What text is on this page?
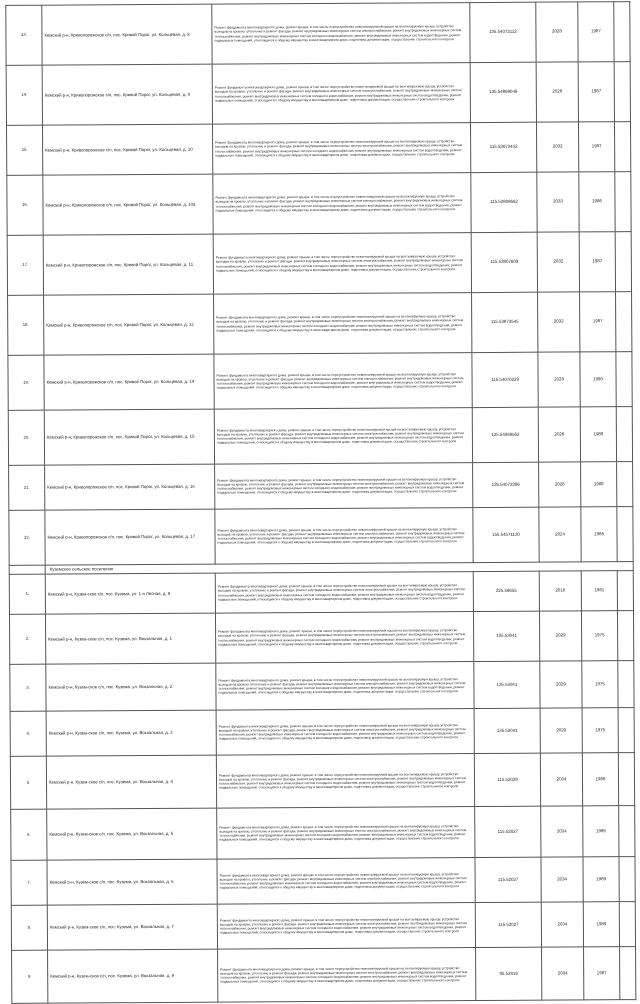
13.	Кемский р-н, Кривопорожское с/п, пос. Кривой Порог, ул. Кольцевая, д. 8	Ремонт фундамента многоквартирного дома, ремонт крыши, в том числе переустройство невентилируемой крыши на вентилируемую крышу, устройство выходов на кровлю, утепление и ремонт фасада, ремонт внутридомовых инженерных систем электроснабжения, ремонт внутридомовых инженерных систем теплоснабжения, ремонт внутридомовых инженерных систем холодного водоснабжения, ремонт внутридомовых инженерных систем водоотведения, ремонт подвальных помещений, относящихся к общему имуществу в многоквартирном доме, подготовка документации, осуществление строительного контроля	135.54072112	2028	1987	
14.	Кемский р-н, Кривопорожское с/п, пос. Кривой Порог, ул. Кольцевая, д. 9	Ремонт фундамента многоквартирного дома, ремонт крыши, в том числе переустройство невентилируемой крыши на вентилируемую крышу, устройство выходов на кровлю, утепление и ремонт фасада, ремонт внутридомовых инженерных систем электроснабжения, ремонт внутридомовых инженерных систем теплоснабжения, ремонт внутридомовых инженерных систем холодного водоснабжения, ремонт внутридомовых инженерных систем водоотведения, ремонт подвальных помещений, относящихся к общему имуществу в многоквартирном доме, подготовка документации, осуществление строительного контроля	135.54869046	2026	1987	
15.	Кемский р-н, Кривопорожское с/п, пос. Кривой Порог, ул. Кольцевая, д. 10	Ремонт фундамента многоквартирного дома, ремонт крыши, в том числе переустройство невентилируемой крыши на вентилируемую крышу, устройство выходов на кровлю, утепление и ремонт фасада, ремонт внутридомовых инженерных систем электроснабжения, ремонт внутридомовых инженерных систем теплоснабжения, ремонт внутридомовых инженерных систем холодного водоснабжения, ремонт внутридомовых инженерных систем водоотведения, ремонт подвальных помещений, относящихся к общему имуществу в многоквартирном доме, подготовка документации, осуществление строительного контроля	115.53073402	2032	1987	
16.	Кемский р-н, Кривопорожское с/п, пос. Кривой Порог, ул. Кольцевая, д. 10а	Ремонт фундамента многоквартирного дома, ремонт крыши, в том числе переустройство невентилируемой крыши на вентилируемую крышу, устройство выходов на кровлю, утепление и ремонт фасада, ремонт внутридомовых инженерных систем электроснабжения, ремонт внутридомовых инженерных систем теплоснабжения, ремонт внутридомовых инженерных систем холодного водоснабжения, ремонт внутридомовых инженерных систем водоотведения, ремонт подвальных помещений, относящихся к общему имуществу в многоквартирном доме, подготовка документации, осуществление строительного контроля	115.53808662	2033	1986	
17.	Кемский р-н, Кривопорожское с/п, пос. Кривой Порог, ул. Кольцевая, д. 11	Ремонт фундамента многоквартирного дома, ремонт крыши, в том числе переустройство невентилируемой крыши на вентилируемую крышу, устройство выходов на кровлю, утепление и ремонт фасада, ремонт внутридомовых инженерных систем электроснабжения, ремонт внутридомовых инженерных систем теплоснабжения, ремонт внутридомовых инженерных систем холодного водоснабжения, ремонт внутридомовых инженерных систем водоотведения, ремонт подвальных помещений, относящихся к общему имуществу в многоквартирном доме, подготовка документации, осуществление строительного контроля	115.53807609	2032	1987	
18.	Кемский р-н, Кривопорожское с/п, пос. Кривой Порог, ул. Кольцевая, д. 12	Ремонт фундамента многоквартирного дома, ремонт крыши, в том числе переустройство невентилируемой крыши на вентилируемую крышу, устройство выходов на кровлю, утепление и ремонт фасада, ремонт внутридомовых инженерных систем электроснабжения, ремонт внутридомовых инженерных систем теплоснабжения, ремонт внутридомовых инженерных систем холодного водоснабжения, ремонт внутридомовых инженерных систем водоотведения, ремонт подвальных помещений, относящихся к общему имуществу в многоквартирном доме, подготовка документации, осуществление строительного контроля	115.53873545	2032	1987	
19.	Кемский р-н, Кривопорожское с/п, пос. Кривой Порог, ул. Кольцевая, д. 14	Ремонт фундамента многоквартирного дома, ремонт крыши, в том числе переустройство невентилируемой крыши на вентилируемую крышу, устройство выходов на кровлю, утепление и ремонт фасада, ремонт внутридомовых инженерных систем электроснабжения, ремонт внутридомовых инженерных систем теплоснабжения, ремонт внутридомовых инженерных систем холодного водоснабжения, ремонт внутридомовых инженерных систем водоотведения, ремонт подвальных помещений, относящихся к общему имуществу в многоквартирном доме, подготовка документации, осуществление строительного контроля	115.54070229	2028	1990	
20.	Кемский р-н, Кривопорожское с/п, пос. Кривой Порог, ул. Кольцевая, д. 15	Ремонт фундамента многоквартирного дома, ремонт крыши, в том числе переустройство невентилируемой крыши на вентилируемую крышу, устройство выходов на кровлю, утепление и ремонт фасада, ремонт внутридомовых инженерных систем электроснабжения, ремонт внутридомовых инженерных систем теплоснабжения, ремонт внутридомовых инженерных систем холодного водоснабжения, ремонт внутридомовых инженерных систем водоотведения, ремонт подвальных помещений, относящихся к общему имуществу в многоквартирном доме, подготовка документации, осуществление строительного контроля	125.54069562	2026	1988	
21.	Кемский р-н, Кривопорожское с/п, пос. Кривой Порог, ул. Кольцевая, д. 16	Ремонт фундамента многоквартирного дома, ремонт крыши, в том числе переустройство невентилируемой крыши на вентилируемую крышу, устройство выходов на кровлю, утепление и ремонт фасада, ремонт внутридомовых инженерных систем электроснабжения, ремонт внутридомовых инженерных систем теплоснабжения, ремонт внутридомовых инженерных систем холодного водоснабжения, ремонт внутридомовых инженерных систем водоотведения, ремонт подвальных помещений, относящихся к общему имуществу в многоквартирном доме, подготовка документации, осуществление строительного контроля	135.54072386	2028	1988	
22.	Кемский р-н, Кривопорожское с/п, пос. Кривой Порог, ул. Кольцевая, д. 17	Ремонт фундамента многоквартирного дома, ремонт крыши, в том числе переустройство невентилируемой крыши на вентилируемую крышу, устройство выходов на кровлю, утепление и ремонт фасада, ремонт внутридомовых инженерных систем электроснабжения, ремонт внутридомовых инженерных систем теплоснабжения, ремонт внутридомовых инженерных систем холодного водоснабжения, ремонт внутридомовых инженерных систем водоотведения, ремонт подвальных помещений, относящихся к общему имуществу в многоквартирном доме, подготовка документации, осуществление строительного контроля	155.54571130	2024	1986	
	Куземское сельское поселение					
1.	Кемский р-н, Кузем-ское с/п, пос. Кузема, ул. 1-я Лесная, д. 8	Ремонт фундамента многоквартирного дома, ремонт крыши, в том числе переустройство невентилируемой крыши на вентилируемую крышу, устройство выходов на кровлю, утепление и ремонт фасада, ремонт внутридомовых инженерных систем электроснабжения, ремонт внутридомовых инженерных систем теплоснабжения, ремонт внутридомовых инженерных систем холодного водоснабжения, ремонт внутридомовых инженерных систем водоотведения, ремонт подвальных помещений, относящихся к общему имуществу в многоквартирном доме, подготовка документации, осуществление строительного контроля	225.56655	2018	1961	
2.	Кемский р-н, Кузем-ское с/п, пос. Кузема, ул. Вокзальная, д. 1	Ремонт фундамента многоквартирного дома, ремонт крыши, в том числе переустройство невентилируемой крыши на вентилируемую крышу, устройство выходов на кровлю, утепление и ремонт фасада, ремонт внутридомовых инженерных систем электроснабжения, ремонт внутридомовых инженерных систем теплоснабжения, ремонт внутридомовых инженерных систем холодного водоснабжения, ремонт внутридомовых инженерных систем водоотведения, ремонт подвальных помещений, относящихся к общему имуществу в многоквартирном доме, подготовка документации, осуществление строительного контроля	135.53041	2029	1975	
3.	Кемский р-н, Кузем-ское с/п, пос. Кузема, ул. Вокзальная, д. 2	Ремонт фундамента многоквартирного дома, ремонт крыши, в том числе переустройство невентилируемой крыши на вентилируемую крышу, устройство выходов на кровлю, утепление и ремонт фасада, ремонт внутридомовых инженерных систем электроснабжения, ремонт внутридомовых инженерных систем теплоснабжения, ремонт внутридомовых инженерных систем холодного водоснабжения, ремонт внутридомовых инженерных систем водоотведения, ремонт подвальных помещений, относящихся к общему имуществу в многоквартирном доме, подготовка документации, осуществление строительного контроля	135.53041	2029	1975	
4.	Кемский р-н, Кузем-ское с/п, пос. Кузема, ул. Вокзальная, д. 3	Ремонт фундамента многоквартирного дома, ремонт крыши, в том числе переустройство невентилируемой крыши на вентилируемую крышу, устройство выходов на кровлю, утепление и ремонт фасада, ремонт внутридомовых инженерных систем электроснабжения, ремонт внутридомовых инженерных систем теплоснабжения, ремонт внутридомовых инженерных систем холодного водоснабжения, ремонт внутридомовых инженерных систем водоотведения, ремонт подвальных помещений, относящихся к общему имуществу в многоквартирном доме, подготовка документации, осуществление строительного контроля	135.53041	2029	1975	
5.	Кемский р-н, Кузем-ское с/п, пос. Кузема, ул. Вокзальная, д. 4	Ремонт фундамента многоквартирного дома, ремонт крыши, в том числе переустройство невентилируемой крыши на вентилируемую крышу, устройство выходов на кровлю, утепление и ремонт фасада, ремонт внутридомовых инженерных систем электроснабжения, ремонт внутридомовых инженерных систем теплоснабжения, ремонт внутридомовых инженерных систем холодного водоснабжения, ремонт внутридомовых инженерных систем водоотведения, ремонт подвальных помещений, относящихся к общему имуществу в многоквартирном доме, подготовка документации, осуществление строительного контроля	115.52029	2034	1988	
6.	Кемский р-н, Кузем-ское с/п, пос. Кузема, ул. Вокзальная, д. 5	Ремонт фундамента многоквартирного дома, ремонт крыши, в том числе переустройство невентилируемой крыши на вентилируемую крышу, устройство выходов на кровлю, утепление и ремонт фасада, ремонт внутридомовых инженерных систем электроснабжения, ремонт внутридомовых инженерных систем теплоснабжения, ремонт внутридомовых инженерных систем холодного водоснабжения, ремонт внутридомовых инженерных систем водоотведения, ремонт подвальных помещений, относящихся к общему имуществу в многоквартирном доме, подготовка документации, осуществление строительного контроля	115.52027	2034	1989	
7.	Кемский р-н, Кузем-ское с/п, пос. Кузема, ул. Вокзальная, д. 6	Ремонт фундамента многоквартирного дома, ремонт крыши, в том числе переустройство невентилируемой крыши на вентилируемую крышу, устройство выходов на кровлю, утепление и ремонт фасада, ремонт внутридомовых инженерных систем электроснабжения, ремонт внутридомовых инженерных систем теплоснабжения, ремонт внутридомовых инженерных систем холодного водоснабжения, ремонт внутридомовых инженерных систем водоотведения, ремонт подвальных помещений, относящихся к общему имуществу в многоквартирном доме, подготовка документации, осуществление строительного контроля	115.52027	2034	1989	
8.	Кемский р-н, Кузем-ское с/п, пос. Кузема, ул. Вокзальная, д. 7	Ремонт фундамента многоквартирного дома, ремонт крыши, в том числе переустройство невентилируемой крыши на вентилируемую крышу, устройство выходов на кровлю, утепление и ремонт фасада, ремонт внутридомовых инженерных систем электроснабжения, ремонт внутридомовых инженерных систем теплоснабжения, ремонт внутридомовых инженерных систем холодного водоснабжения, ремонт внутридомовых инженерных систем водоотведения, ремонт подвальных помещений, относящихся к общему имуществу в многоквартирном доме, подготовка документации, осуществление строительного контроля	115.52027	2034	1989	
9.	Кемский р-н, Кузем-ское с/п, пос. Кузема, ул. Вокзальная, д. 8	Ремонт фундамента многоквартирного дома, ремонт крыши, в том числе переустройство невентилируемой крыши на вентилируемую крышу, устройство выходов на кровлю, утепление и ремонт фасада, ремонт внутридомовых инженерных систем электроснабжения, ремонт внутридомовых инженерных систем теплоснабжения, ремонт внутридомовых инженерных систем холодного водоснабжения, ремонт внутридомовых инженерных систем водоотведения, ремонт подвальных помещений, относящихся к общему имуществу в многоквартирном доме, подготовка документации, осуществление строительного контроля	95.52919	2034	1987	
